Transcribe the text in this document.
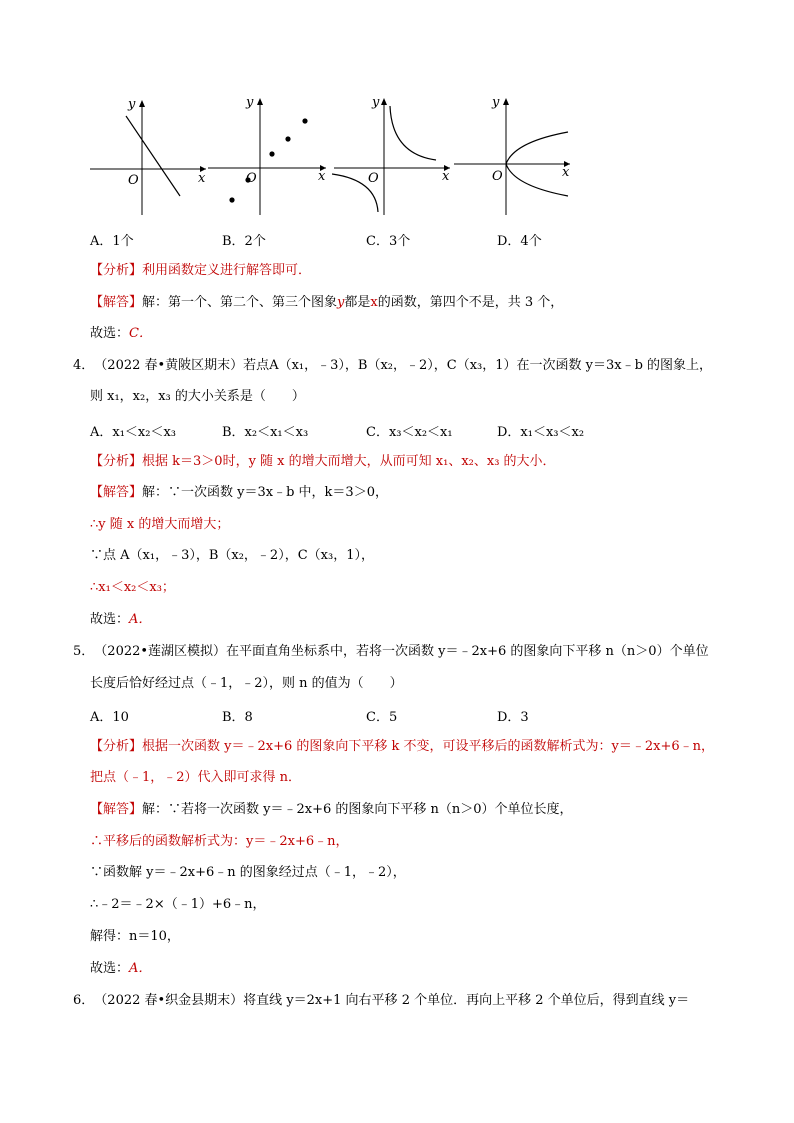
y
x
O
y
x
O
y
x
O
y
x
O
A．1个	B．2个	C．3个	D．4个
【分析】利用函数定义进行解答即可．
【解答】解：第一个、第二个、第三个图象y都是x的函数，第四个不是，共 3 个，
故选：C．
4．　 （2022 春•黄陂区期末）若点A（x₁，﹣3），B（x₂，﹣2），C（x₃，1）在一次函数 y＝3x﹣b 的图象上，
则 x₁，x₂，x₃ 的大小关系是（　　）
A．x₁＜x₂＜x₃	B．x₂＜x₁＜x₃	C．x₃＜x₂＜x₁	D．x₁＜x₃＜x₂
【分析】根据 k＝3＞0时，y 随 x 的增大而增大，从而可知 x₁、x₂、x₃ 的大小．
【解答】解：∵一次函数 y＝3x﹣b 中，k＝3＞0，
∴y 随 x 的增大而增大；
∵点 A（x₁，﹣3），B（x₂，﹣2），C（x₃，1），
∴x₁＜x₂＜x₃；
故选：A．
5．　 （2022•莲湖区模拟）在平面直角坐标系中，若将一次函数 y＝﹣2x+6 的图象向下平移 n（n＞0）个单位
长度后恰好经过点（﹣1，﹣2），则 n 的值为（　　）
A．10	B．8	C．5	D．3
【分析】根据一次函数 y＝﹣2x+6 的图象向下平移 k 不变，可设平移后的函数解析式为：y＝﹣2x+6﹣n，
把点（﹣1，﹣2）代入即可求得 n．
【解答】解：∵若将一次函数 y＝﹣2x+6 的图象向下平移 n（n＞0）个单位长度，
∴平移后的函数解析式为：y＝﹣2x+6﹣n，
∵函数解 y＝﹣2x+6﹣n 的图象经过点（﹣1，﹣2），
∴﹣2＝﹣2×（﹣1）+6﹣n，
解得：n＝10，
故选：A．
6．　 （2022 春•织金县期末）将直线 y＝2x+1 向右平移 2 个单位．再向上平移 2 个单位后，得到直线 y＝
